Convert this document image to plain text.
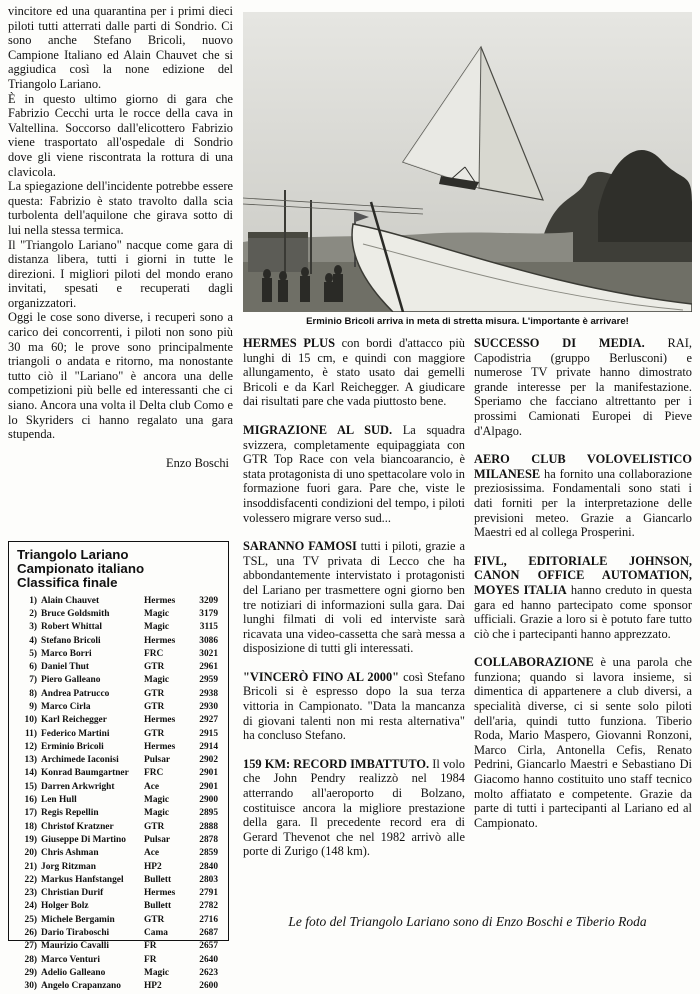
vincitore ed una quarantina per i primi dieci piloti tutti atterrati dalle parti di Sondrio. Ci sono anche Stefano Bricoli, nuovo Campione Italiano ed Alain Chauvet che si aggiudica così la none edizione del Triangolo Lariano.

È in questo ultimo giorno di gara che Fabrizio Cecchi urta le rocce della cava in Valtellina. Soccorso dall'elicottero Fabrizio viene trasportato all'ospedale di Sondrio dove gli viene riscontrata la rottura di una clavicola.

La spiegazione dell'incidente potrebbe essere questa: Fabrizio è stato travolto dalla scia turbolenta dell'aquilone che girava sotto di lui nella stessa termica.

Il "Triangolo Lariano" nacque come gara di distanza libera, tutti i giorni in tutte le direzioni. I migliori piloti del mondo erano invitati, spesati e recuperati dagli organizzatori.

Oggi le cose sono diverse, i recuperi sono a carico dei concorrenti, i piloti non sono più 30 ma 60; le prove sono principalmente triangoli o andata e ritorno, ma nonostante tutto ciò il "Lariano" è ancora una delle competizioni più belle ed interessanti che ci siano. Ancora una volta il Delta club Como e lo Skyriders ci hanno regalato una gara stupenda.

Enzo Boschi

Erminio Bricoli arriva in meta di stretta misura. L'importante è arrivare!

HERMES PLUS con bordi d'attacco più lunghi di 15 cm, e quindi con maggiore allungamento, è stato usato dai gemelli Bricoli e da Karl Reichegger. A giudicare dai risultati pare che vada piuttosto bene.

MIGRAZIONE AL SUD. La squadra svizzera, completamente equipaggiata con GTR Top Race con vela biancoarancio, è stata protagonista di uno spettacolare volo in formazione fuori gara. Pare che, viste le insoddisfacenti condizioni del tempo, i piloti volessero migrare verso sud...

SARANNO FAMOSI tutti i piloti, grazie a TSL, una TV privata di Lecco che ha abbondantemente intervistato i protagonisti del Lariano per trasmettere ogni giorno ben tre notiziari di informazioni sulla gara. Dai lunghi filmati di voli ed interviste sarà ricavata una video-cassetta che sarà messa a disposizione di tutti gli interessati.

"VINCERÒ FINO AL 2000" così Stefano Bricoli si è espresso dopo la sua terza vittoria in Campionato. "Data la mancanza di giovani talenti non mi resta alternativa" ha concluso Stefano.

159 KM: RECORD IMBATTUTO. Il volo che John Pendry realizzò nel 1984 atterrando all'aeroporto di Bolzano, costituisce ancora la migliore prestazione della gara. Il precedente record era di Gerard Thevenot che nel 1982 arrivò alle porte di Zurigo (148 km).

SUCCESSO DI MEDIA. RAI, Capodistria (gruppo Berlusconi) e numerose TV private hanno dimostrato grande interesse per la manifestazione. Speriamo che facciano altrettanto per i prossimi Camionati Europei di Pieve d'Alpago.

AERO CLUB VOLOVELISTICO MILANESE ha fornito una collaborazione preziosissima. Fondamentali sono stati i dati forniti per la interpretazione delle previsioni meteo. Grazie a Giancarlo Maestri ed al collega Prosperini.

FIVL, EDITORIALE JOHNSON, CANON OFFICE AUTOMATION, MOYES ITALIA hanno creduto in questa gara ed hanno partecipato come sponsor ufficiali. Grazie a loro si è potuto fare tutto ciò che i partecipanti hanno apprezzato.

COLLABORAZIONE è una parola che funziona; quando si lavora insieme, si dimentica di appartenere a club diversi, a specialità diverse, ci si sente solo piloti dell'aria, quindi tutto funziona. Tiberio Roda, Mario Maspero, Giovanni Ronzoni, Marco Cirla, Antonella Cefis, Renato Pedrini, Giancarlo Maestri e Sebastiano Di Giacomo hanno costituito uno staff tecnico molto affiatato e competente. Grazie da parte di tutti i partecipanti al Lariano ed al Campionato.

Triangolo Lariano
Campionato italiano
Classifica finale
1)	Alain Chauvet	Hermes	3209
2)	Bruce Goldsmith	Magic	3179
3)	Robert Whittal	Magic	3115
4)	Stefano Bricoli	Hermes	3086
5)	Marco Borri	FRC	3021
6)	Daniel Thut	GTR	2961
7)	Piero Galleano	Magic	2959
8)	Andrea Patrucco	GTR	2938
9)	Marco Cirla	GTR	2930
10)	Karl Reichegger	Hermes	2927
11)	Federico Martini	GTR	2915
12)	Erminio Bricoli	Hermes	2914
13)	Archimede Iaconisi	Pulsar	2902
14)	Konrad Baumgartner	FRC	2901
15)	Darren Arkwright	Ace	2901
16)	Len Hull	Magic	2900
17)	Regis Repellin	Magic	2895
18)	Christof Kratzner	GTR	2888
19)	Giuseppe Di Martino	Pulsar	2878
20)	Chris Ashman	Ace	2859
21)	Jorg Ritzman	HP2	2840
22)	Markus Hanfstangel	Bullett	2803
23)	Christian Durif	Hermes	2791
24)	Holger Bolz	Bullett	2782
25)	Michele Bergamin	GTR	2716
26)	Dario Tiraboschi	Cama	2687
27)	Maurizio Cavalli	FR	2657
28)	Marco Venturi	FR	2640
29)	Adelio Galleano	Magic	2623
30)	Angelo Crapanzano	HP2	2600
Le foto del Triangolo Lariano sono di Enzo Boschi e Tiberio Roda
